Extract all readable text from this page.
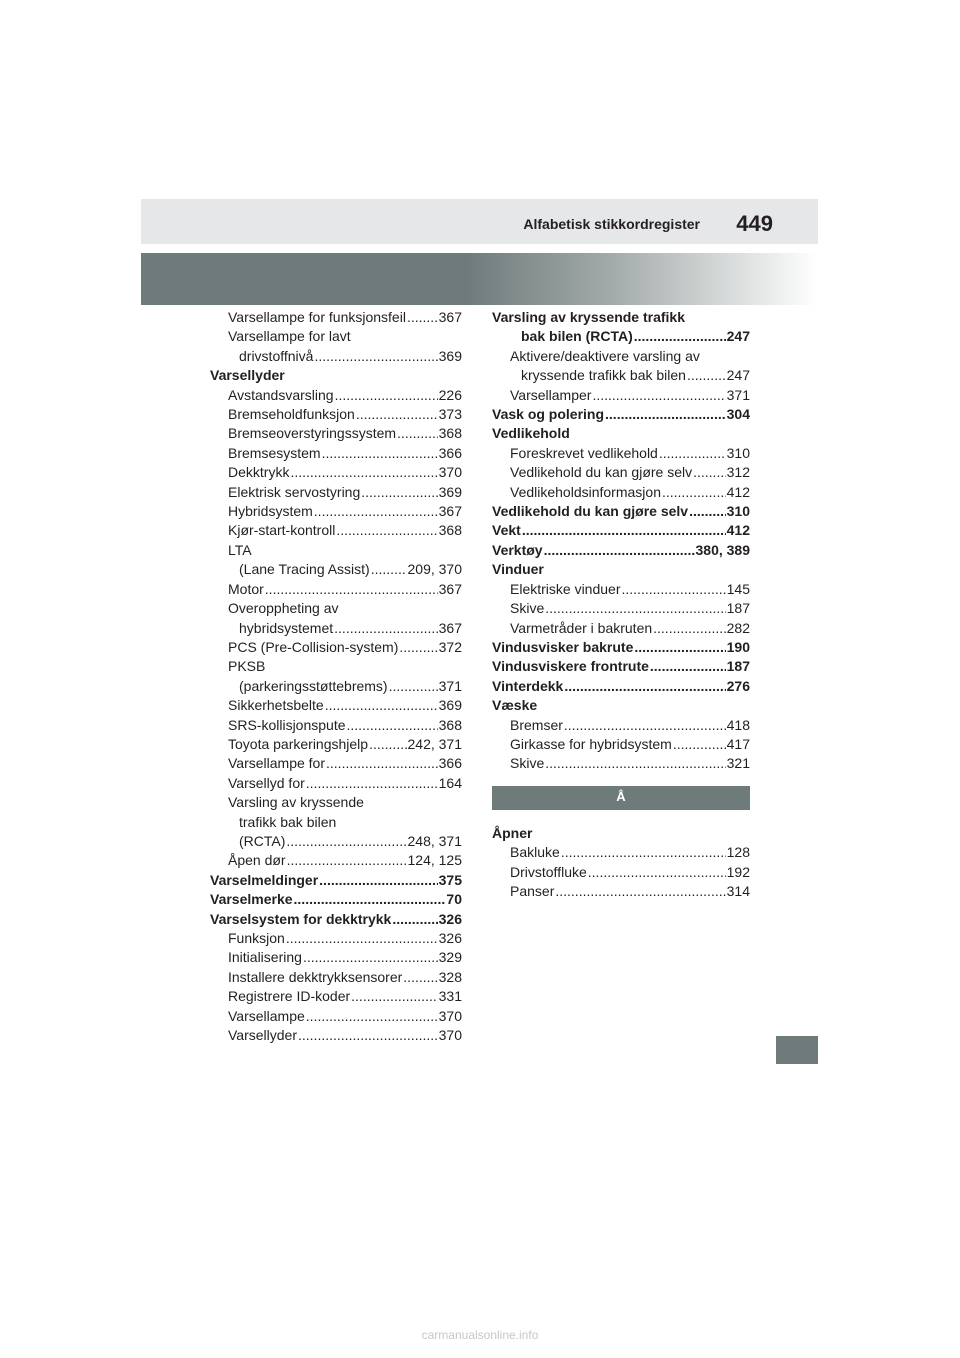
Alfabetisk stikkordregister 449
Varsellampe for funksjonsfeil ..... 367
Varsellampe for lavt
drivstoffnivå .....	369
Varsellyder
Avstandsvarsling .....	226
Bremseholdfunksjon .....	373
Bremseoverstyringssystem .....	368
Bremsesystem .....	366
Dekktrykk .....	370
Elektrisk servostyring .....	369
Hybridsystem .....	367
Kjør-start-kontroll .....	368
LTA
(Lane Tracing Assist) .....	209, 370
Motor .....	367
Overoppheting av
hybridsystemet .....	367
PCS (Pre-Collision-system) .....	372
PKSB
(parkeringsstøttebrems) .....	371
Sikkerhetsbelte .....	369
SRS-kollisjonspute .....	368
Toyota parkeringshjelp .....	242, 371
Varsellampe for .....	366
Varsellyd for .....	164
Varsling av kryssende
trafikk bak bilen
(RCTA) .....	248, 371
Åpen dør .....	124, 125
Varselmeldinger .....	375
Varselmerke .....	70
Varselsystem for dekktrykk .....	326
Funksjon .....	326
Initialisering .....	329
Installere dekktrykksensorer .....	328
Registrere ID-koder .....	331
Varsellampe .....	370
Varsellyder .....	370
Varsling av kryssende trafikk
bak bilen (RCTA) .....	247
Aktivere/deaktivere varsling av
kryssende trafikk bak bilen .....	247
Varsellamper .....	371
Vask og polering .....	304
Vedlikehold
Foreskrevet vedlikehold .....	310
Vedlikehold du kan gjøre selv ..... 312
Vedlikeholdsinformasjon .....	412
Vedlikehold du kan gjøre selv .....	310
Vekt .....	412
Verktøy .....	380, 389
Vinduer
Elektriske vinduer .....	145
Skive .....	187
Varmetråder i bakruten .....	282
Vindusvisker bakrute .....	190
Vindusviskere frontrute .....	187
Vinterdekk .....	276
Væske
Bremser .....	418
Girkasse for hybridsystem .....	417
Skive .....	321
Å
Åpner
Bakluke .....	128
Drivstoffluke .....	192
Panser .....	314
carmanualsonline.info
